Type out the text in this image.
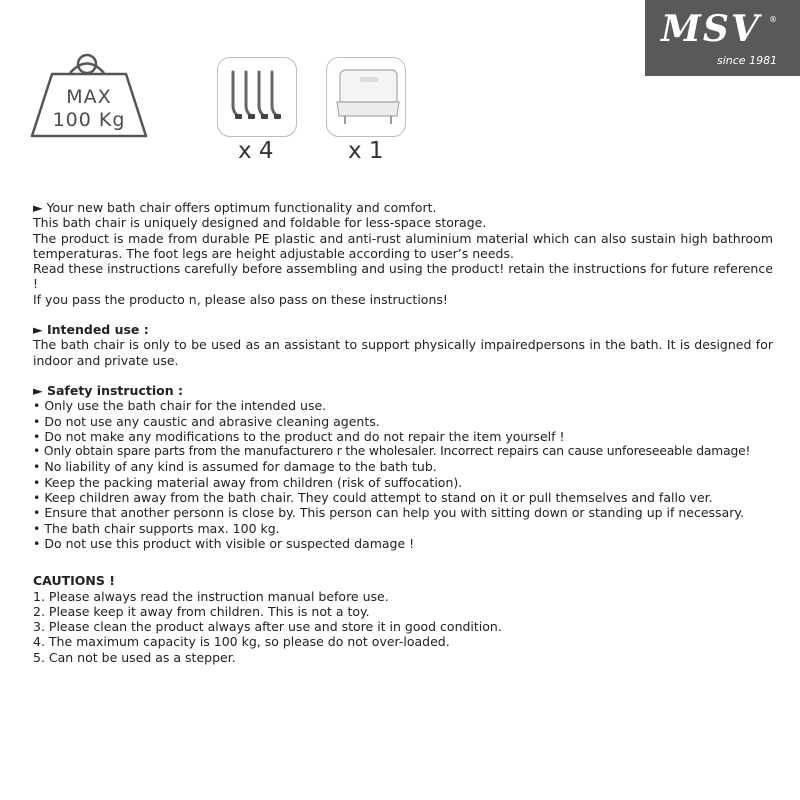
MSV ®
since 1981
MAX
100 Kg
x 4	x 1

► Your new bath chair offers optimum functionality and comfort.

This bath chair is uniquely designed and foldable for less-space storage.

The product is made from durable PE plastic and anti-rust aluminium material which can also sustain high bathroom temperaturas. The foot legs are height adjustable according to user’s needs.

Read these instructions carefully before assembling and using the product! retain the instructions for future reference !

If you pass the producto n, please also pass on these instructions!

► Intended use :

The bath chair is only to be used as an assistant to support physically impairedpersons in the bath. It is designed for indoor and private use.

► Safety instruction :

• Only use the bath chair for the intended use.

• Do not use any caustic and abrasive cleaning agents.

• Do not make any modifications to the product and do not repair the item yourself !

• Only obtain spare parts from the manufacturero r the wholesaler. Incorrect repairs can cause unforeseeable damage!

• No liability of any kind is assumed for damage to the bath tub.

• Keep the packing material away from children (risk of suffocation).

• Keep children away from the bath chair. They could attempt to stand on it or pull themselves and fallo ver.

• Ensure that another personn is close by. This person can help you with sitting down or standing up if necessary.

• The bath chair supports max. 100 kg.

• Do not use this product with visible or suspected damage !

CAUTIONS !

1. Please always read the instruction manual before use.

2. Please keep it away from children. This is not a toy.

3. Please clean the product always after use and store it in good condition.

4. The maximum capacity is 100 kg, so please do not over-loaded.

5. Can not be used as a stepper.
